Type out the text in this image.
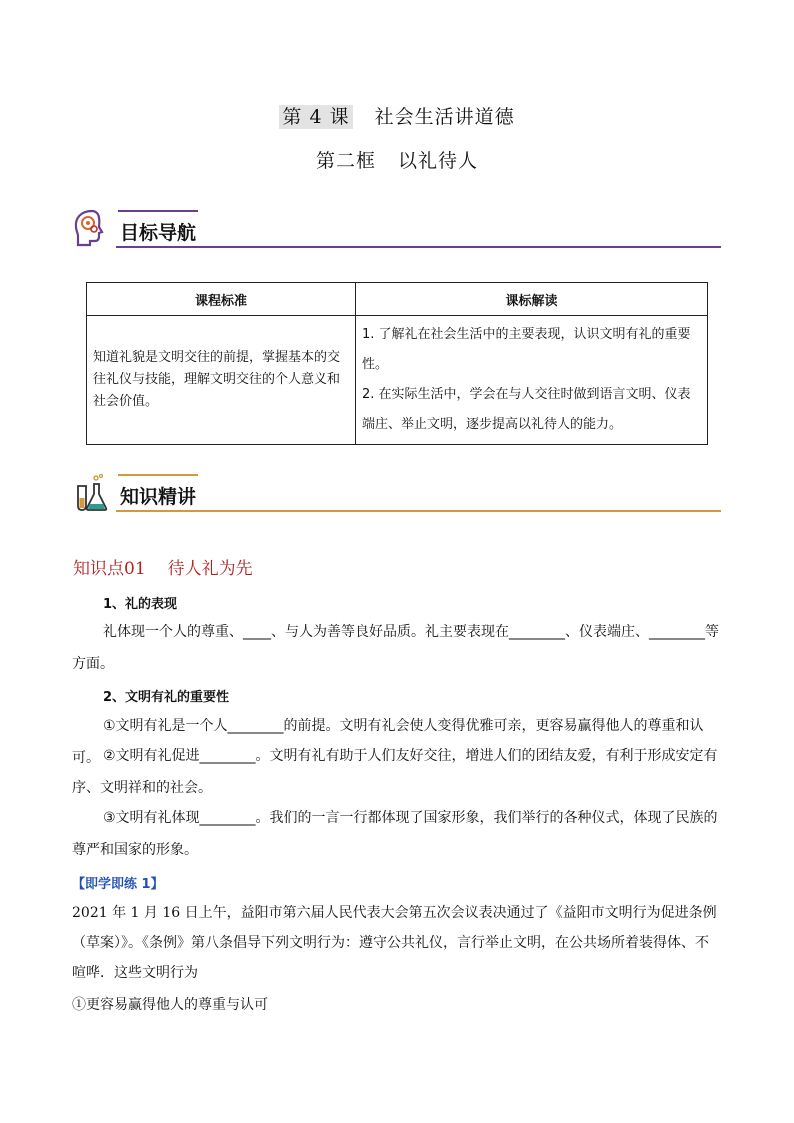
第 4 课 社会生活讲道德
第二框 以礼待人
目标导航
课程标准	课标解读
知道礼貌是文明交往的前提，掌握基本的交往礼仪与技能，理解文明交往的个人意义和社会价值。	1. 了解礼在社会生活中的主要表现，认识文明有礼的重要性。

2. 在实际生活中，学会在与人交往时做到语言文明、仪表端庄、举止文明，逐步提高以礼待人的能力。

知识精讲
知识点01 待人礼为先
1、礼的表现

礼体现一个人的尊重、____、与人为善等良好品质。礼主要表现在________、仪表端庄、________等方面。

2、文明有礼的重要性

①文明有礼是一个人________的前提。文明有礼会使人变得优雅可亲，更容易赢得他人的尊重和认可。 ②文明有礼促进________。文明有礼有助于人们友好交往，增进人们的团结友爱，有利于形成安定有序、文明祥和的社会。

③文明有礼体现________。我们的一言一行都体现了国家形象，我们举行的各种仪式，体现了民族的尊严和国家的形象。

【即学即练 1】

2021 年 1 月 16 日上午，益阳市第六届人民代表大会第五次会议表决通过了《益阳市文明行为促进条例（草案）》。《条例》第八条倡导下列文明行为：遵守公共礼仪，言行举止文明，在公共场所着装得体、不喧哗．这些文明行为

①更容易赢得他人的尊重与认可
